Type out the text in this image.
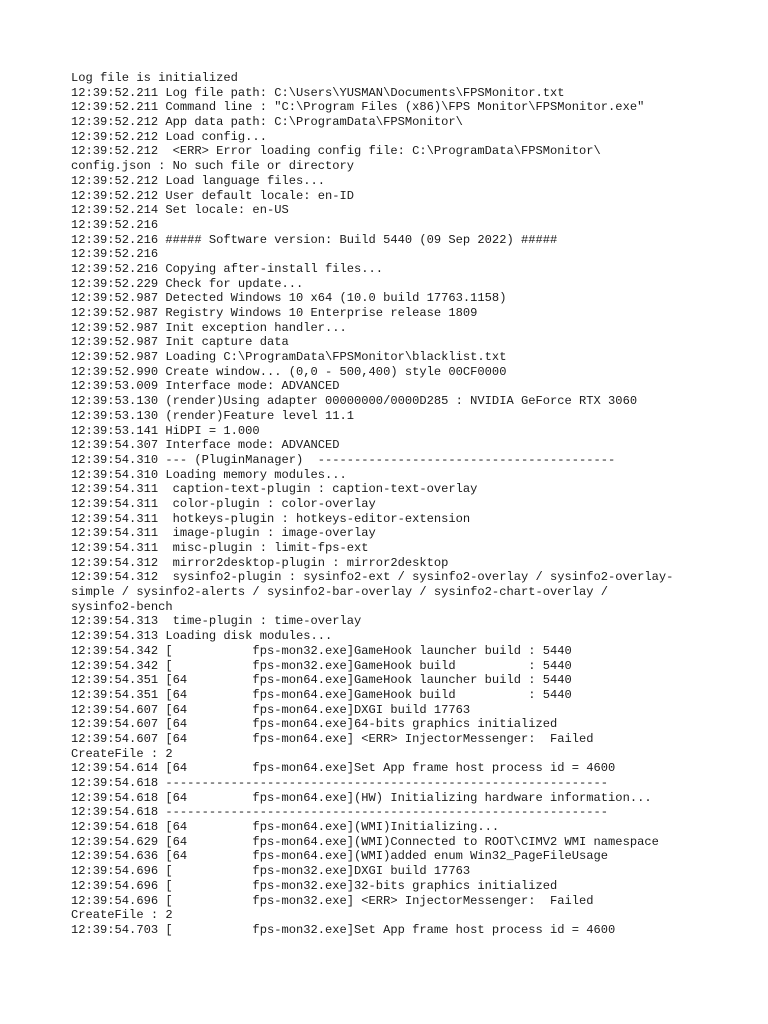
Log file is initialized
12:39:52.211 Log file path: C:\Users\YUSMAN\Documents\FPSMonitor.txt
12:39:52.211 Command line : "C:\Program Files (x86)\FPS Monitor\FPSMonitor.exe"
12:39:52.212 App data path: C:\ProgramData\FPSMonitor\
12:39:52.212 Load config...
12:39:52.212  <ERR> Error loading config file: C:\ProgramData\FPSMonitor\
config.json : No such file or directory
12:39:52.212 Load language files...
12:39:52.212 User default locale: en-ID
12:39:52.214 Set locale: en-US
12:39:52.216
12:39:52.216 ##### Software version: Build 5440 (09 Sep 2022) #####
12:39:52.216
12:39:52.216 Copying after-install files...
12:39:52.229 Check for update...
12:39:52.987 Detected Windows 10 x64 (10.0 build 17763.1158)
12:39:52.987 Registry Windows 10 Enterprise release 1809
12:39:52.987 Init exception handler...
12:39:52.987 Init capture data
12:39:52.987 Loading C:\ProgramData\FPSMonitor\blacklist.txt
12:39:52.990 Create window... (0,0 - 500,400) style 00CF0000
12:39:53.009 Interface mode: ADVANCED
12:39:53.130 (render)Using adapter 00000000/0000D285 : NVIDIA GeForce RTX 3060
12:39:53.130 (render)Feature level 11.1
12:39:53.141 HiDPI = 1.000
12:39:54.307 Interface mode: ADVANCED
12:39:54.310 --- (PluginManager)  -----------------------------------------
12:39:54.310 Loading memory modules...
12:39:54.311  caption-text-plugin : caption-text-overlay
12:39:54.311  color-plugin : color-overlay
12:39:54.311  hotkeys-plugin : hotkeys-editor-extension
12:39:54.311  image-plugin : image-overlay
12:39:54.311  misc-plugin : limit-fps-ext
12:39:54.312  mirror2desktop-plugin : mirror2desktop
12:39:54.312  sysinfo2-plugin : sysinfo2-ext / sysinfo2-overlay / sysinfo2-overlay-
simple / sysinfo2-alerts / sysinfo2-bar-overlay / sysinfo2-chart-overlay /
sysinfo2-bench
12:39:54.313  time-plugin : time-overlay
12:39:54.313 Loading disk modules...
12:39:54.342 [           fps-mon32.exe]GameHook launcher build : 5440
12:39:54.342 [           fps-mon32.exe]GameHook build          : 5440
12:39:54.351 [64         fps-mon64.exe]GameHook launcher build : 5440
12:39:54.351 [64         fps-mon64.exe]GameHook build          : 5440
12:39:54.607 [64         fps-mon64.exe]DXGI build 17763
12:39:54.607 [64         fps-mon64.exe]64-bits graphics initialized
12:39:54.607 [64         fps-mon64.exe] <ERR> InjectorMessenger:  Failed
CreateFile : 2
12:39:54.614 [64         fps-mon64.exe]Set App frame host process id = 4600
12:39:54.618 -------------------------------------------------------------
12:39:54.618 [64         fps-mon64.exe](HW) Initializing hardware information...
12:39:54.618 -------------------------------------------------------------
12:39:54.618 [64         fps-mon64.exe](WMI)Initializing...
12:39:54.629 [64         fps-mon64.exe](WMI)Connected to ROOT\CIMV2 WMI namespace
12:39:54.636 [64         fps-mon64.exe](WMI)added enum Win32_PageFileUsage
12:39:54.696 [           fps-mon32.exe]DXGI build 17763
12:39:54.696 [           fps-mon32.exe]32-bits graphics initialized
12:39:54.696 [           fps-mon32.exe] <ERR> InjectorMessenger:  Failed
CreateFile : 2
12:39:54.703 [           fps-mon32.exe]Set App frame host process id = 4600
